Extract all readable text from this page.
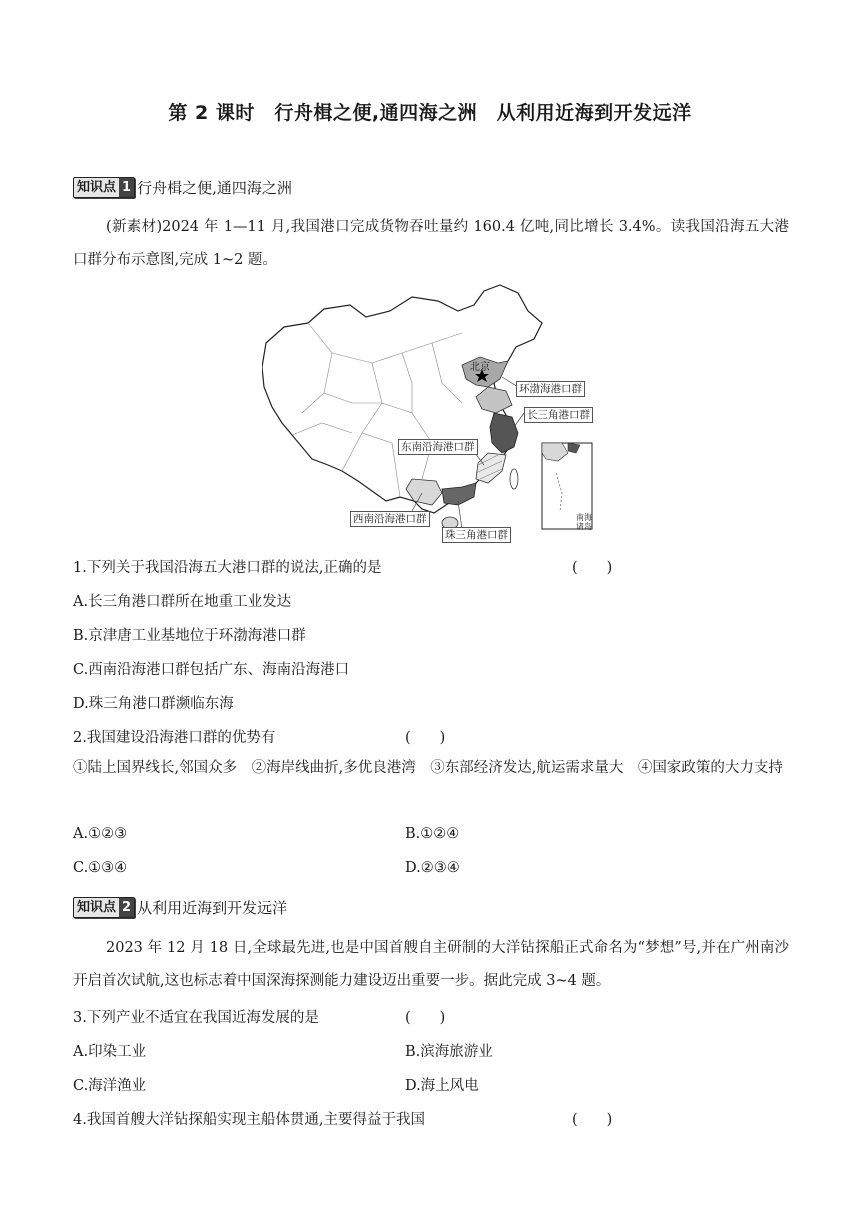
第 2 课时　行舟楫之便,通四海之洲　从利用近海到开发远洋
知识点 1 行舟楫之便,通四海之洲
(新素材)2024 年 1—11 月,我国港口完成货物吞吐量约 160.4 亿吨,同比增长 3.4%。读我国沿海五大港口群分布示意图,完成 1~2 题。
北京
环渤海港口群
长三角港口群
东南沿海港口群
西南沿海港口群
珠三角港口群
南海
诸岛
1.下列关于我国沿海五大港口群的说法,正确的是	(　　)
A.长三角港口群所在地重工业发达
B.京津唐工业基地位于环渤海港口群
C.西南沿海港口群包括广东、海南沿海港口
D.珠三角港口群濒临东海
2.我国建设沿海港口群的优势有	(　　)
①陆上国界线长,邻国众多　②海岸线曲折,多优良港湾　③东部经济发达,航运需求量大　④国家政策的大力支持
A.①②③	B.①②④
C.①③④	D.②③④
知识点 2 从利用近海到开发远洋
2023 年 12 月 18 日,全球最先进,也是中国首艘自主研制的大洋钻探船正式命名为“梦想”号,并在广州南沙开启首次试航,这也标志着中国深海探测能力建设迈出重要一步。据此完成 3~4 题。
3.下列产业不适宜在我国近海发展的是	(　　)
A.印染工业	B.滨海旅游业
C.海洋渔业	D.海上风电
4.我国首艘大洋钻探船实现主船体贯通,主要得益于我国	(　　)
